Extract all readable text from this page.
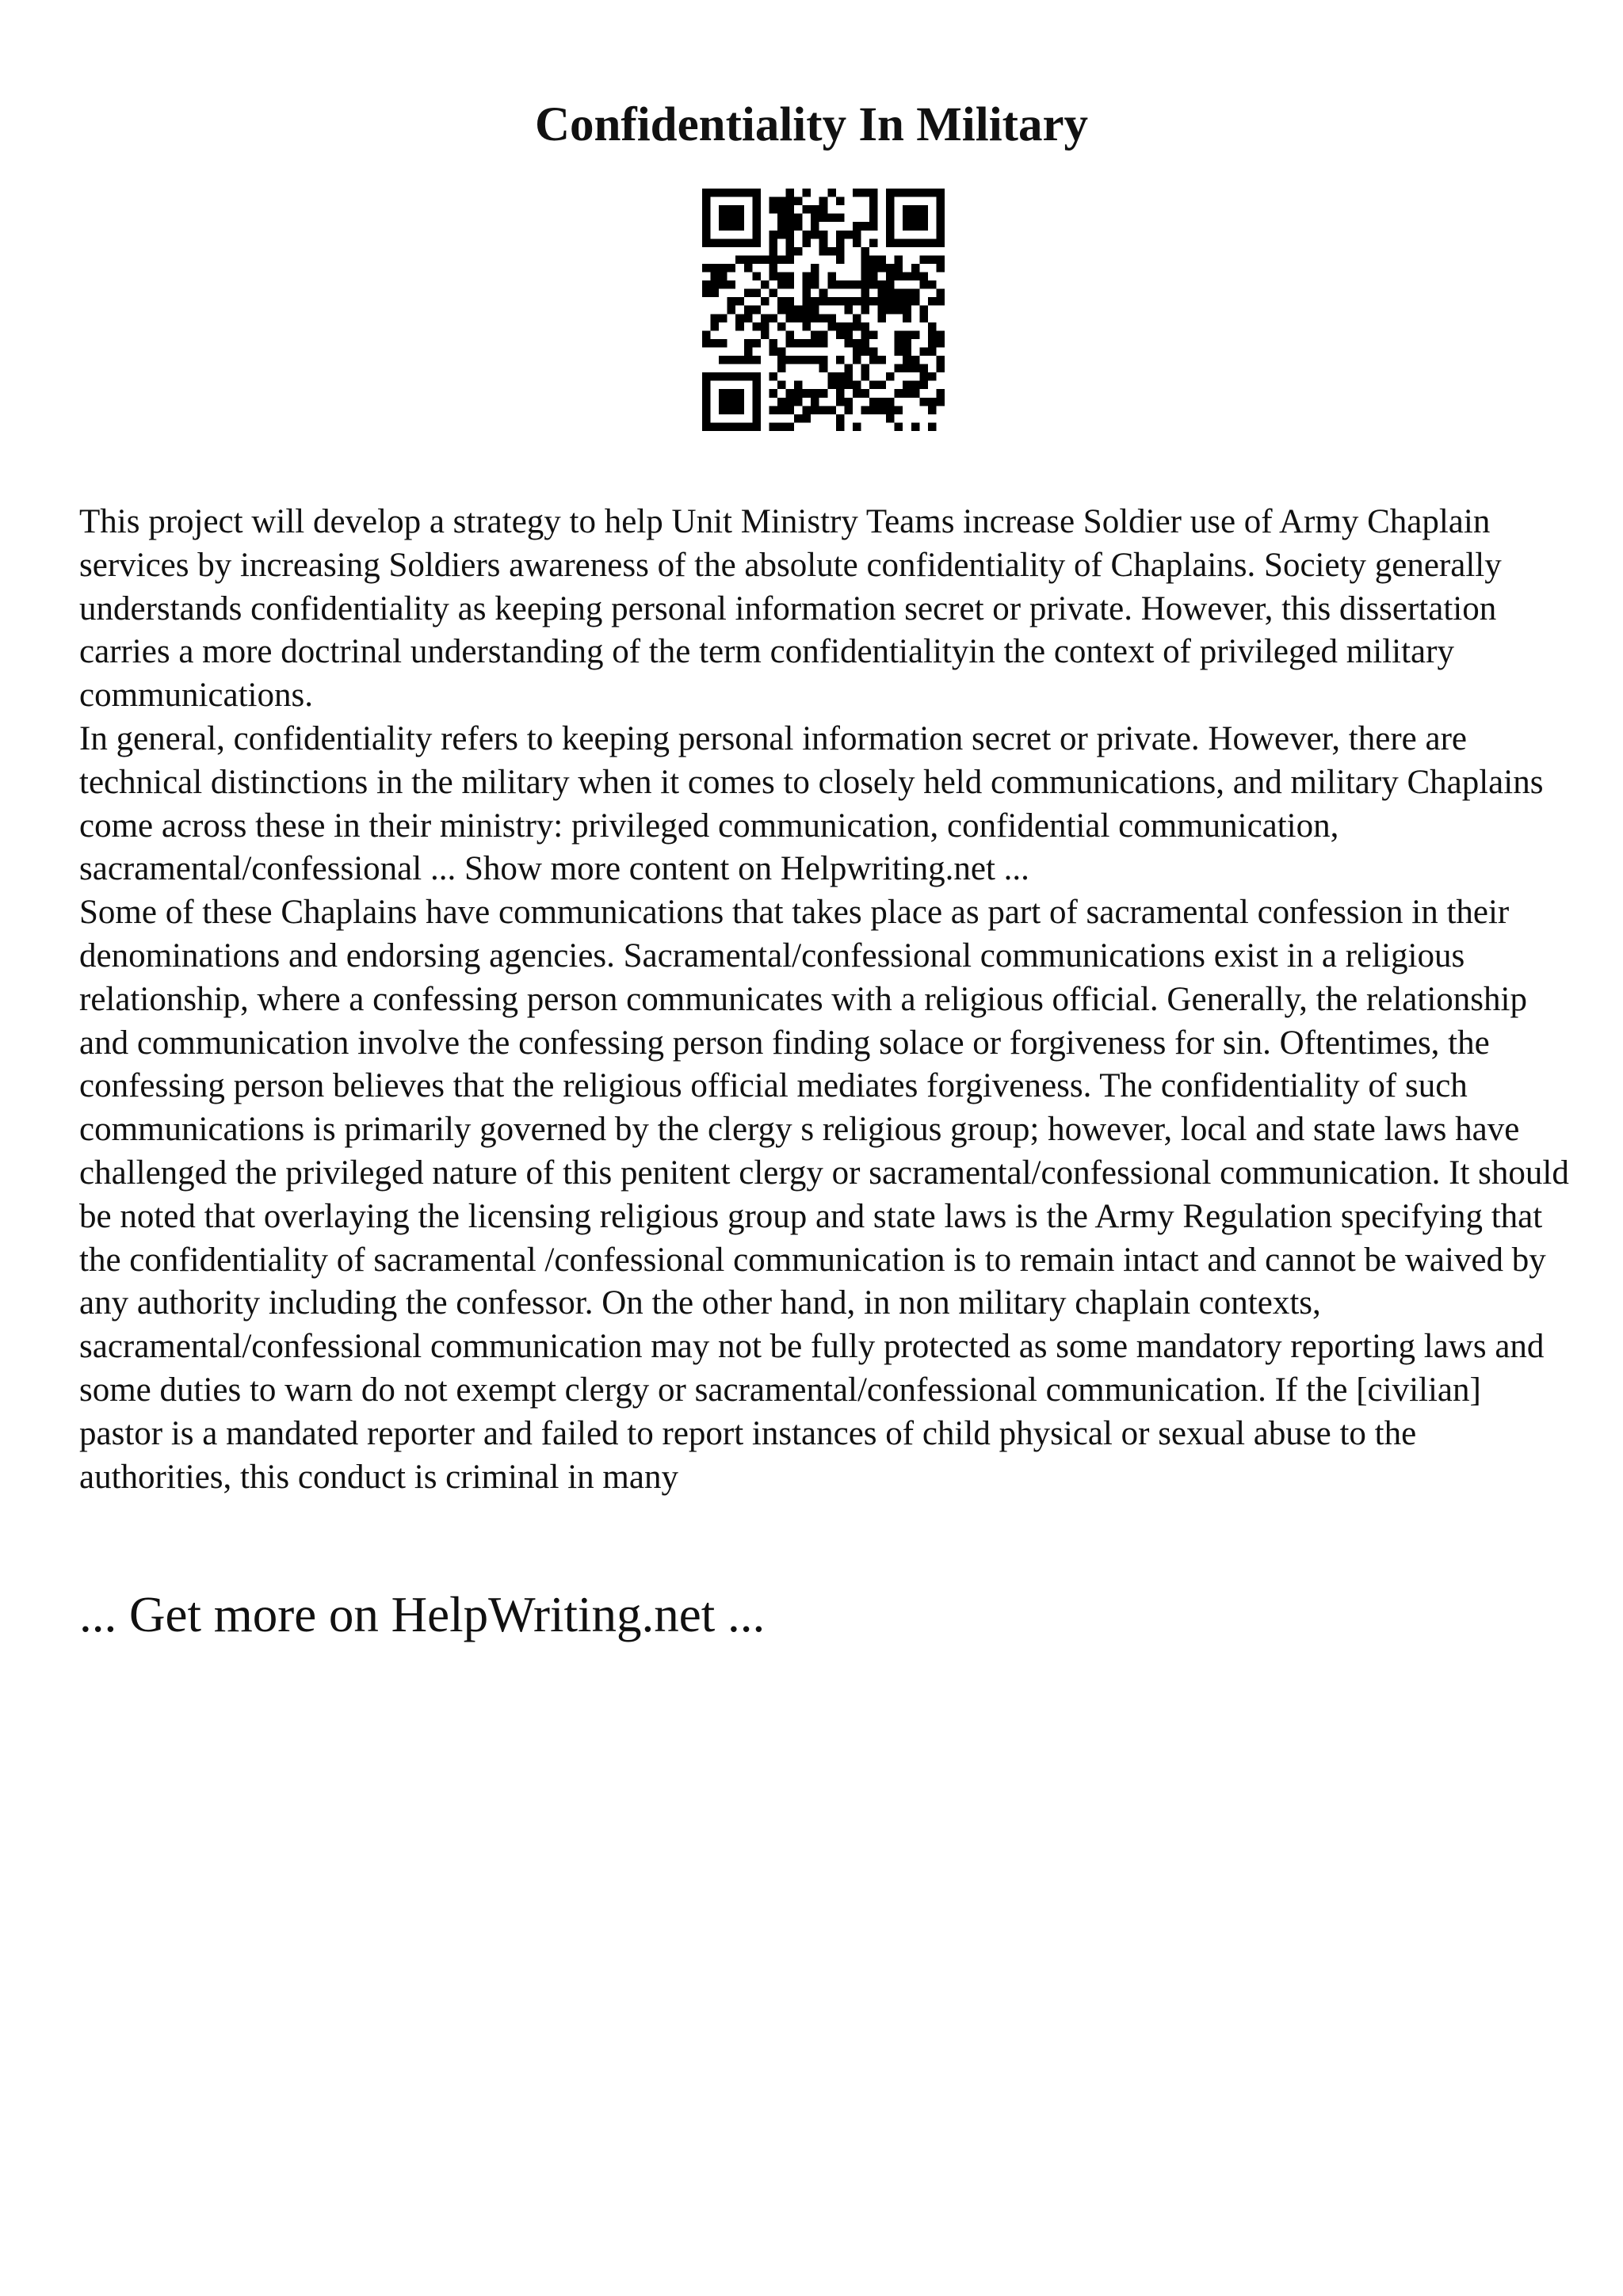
Confidentiality In Military

This project will develop a strategy to help Unit Ministry Teams increase Soldier use of Army Chaplain services by increasing Soldiers awareness of the absolute confidentiality of Chaplains. Society generally understands confidentiality as keeping personal information secret or private. However, this dissertation carries a more doctrinal understanding of the term confidentialityin the context of privileged military communications.

In general, confidentiality refers to keeping personal information secret or private. However, there are technical distinctions in the military when it comes to closely held communications, and military Chaplains come across these in their ministry: privileged communication, confidential communication, sacramental/confessional ... Show more content on Helpwriting.net ...

Some of these Chaplains have communications that takes place as part of sacramental confession in their denominations and endorsing agencies. Sacramental/confessional communications exist in a religious relationship, where a confessing person communicates with a religious official. Generally, the relationship and communication involve the confessing person finding solace or forgiveness for sin. Oftentimes, the confessing person believes that the religious official mediates forgiveness. The confidentiality of such communications is primarily governed by the clergy s religious group; however, local and state laws have challenged the privileged nature of this penitent clergy or sacramental/confessional communication. It should be noted that overlaying the licensing religious group and state laws is the Army Regulation specifying that the confidentiality of sacramental /confessional communication is to remain intact and cannot be waived by any authority including the confessor. On the other hand, in non military chaplain contexts, sacramental/confessional communication may not be fully protected as some mandatory reporting laws and some duties to warn do not exempt clergy or sacramental/confessional communication. If the [civilian] pastor is a mandated reporter and failed to report instances of child physical or sexual abuse to the authorities, this conduct is criminal in many

... Get more on HelpWriting.net ...
